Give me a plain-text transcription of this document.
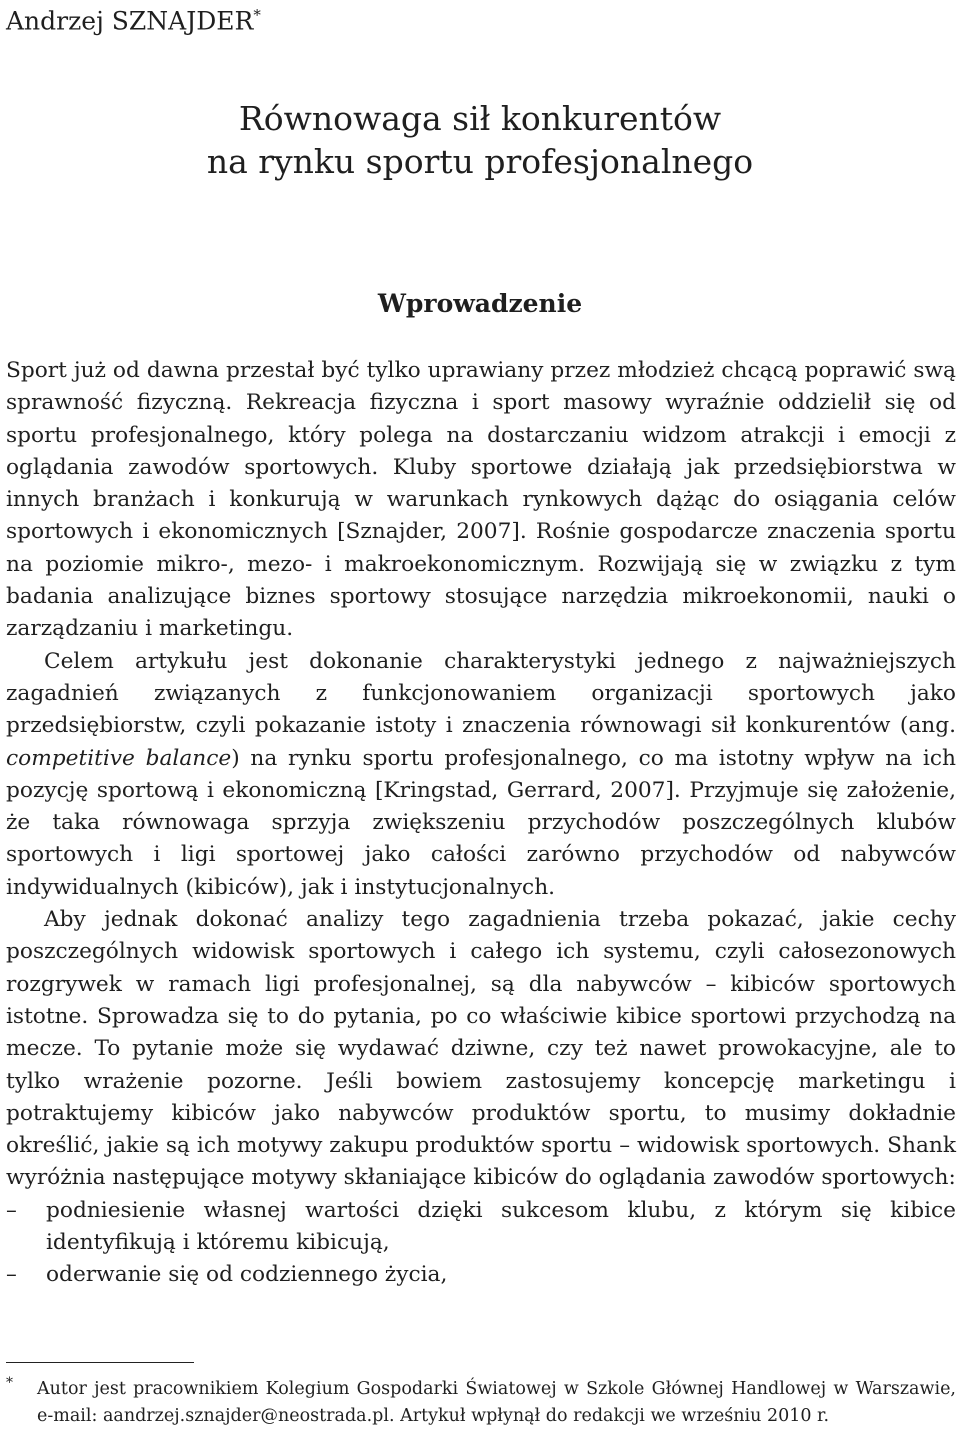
Andrzej SZNAJDER*
Równowaga sił konkurentów
na rynku sportu profesjonalnego
Wprowadzenie

Sport już od dawna przestał być tylko uprawiany przez młodzież chcącą poprawić swą sprawność fizyczną. Rekreacja fizyczna i sport masowy wyraźnie oddzielił się od sportu profesjonalnego, który polega na dostarczaniu widzom atrakcji i emocji z oglądania zawodów sportowych. Kluby sportowe działają jak przedsiębiorstwa w innych branżach i konkurują w warunkach rynkowych dążąc do osiągania celów sportowych i ekonomicznych [Sznajder, 2007]. Rośnie gospodarcze znaczenia sportu na poziomie mikro-, mezo- i makroekonomicznym. Rozwijają się w związku z tym badania analizujące biznes sportowy stosujące narzędzia mikroekonomii, nauki o zarządzaniu i marketingu.

Celem artykułu jest dokonanie charakterystyki jednego z najważniejszych zagadnień związanych z funkcjonowaniem organizacji sportowych jako przedsiębiorstw, czyli pokazanie istoty i znaczenia równowagi sił konkurentów (ang. competitive balance) na rynku sportu profesjonalnego, co ma istotny wpływ na ich pozycję sportową i ekonomiczną [Kringstad, Gerrard, 2007]. Przyjmuje się założenie, że taka równowaga sprzyja zwiększeniu przychodów poszczególnych klubów sportowych i ligi sportowej jako całości zarówno przychodów od nabywców indywidualnych (kibiców), jak i instytucjonalnych.

Aby jednak dokonać analizy tego zagadnienia trzeba pokazać, jakie cechy poszczególnych widowisk sportowych i całego ich systemu, czyli całosezonowych rozgrywek w ramach ligi profesjonalnej, są dla nabywców – kibiców sportowych istotne. Sprowadza się to do pytania, po co właściwie kibice sportowi przychodzą na mecze. To pytanie może się wydawać dziwne, czy też nawet prowokacyjne, ale to tylko wrażenie pozorne. Jeśli bowiem zastosujemy koncepcję marketingu i potraktujemy kibiców jako nabywców produktów sportu, to musimy dokładnie określić, jakie są ich motywy zakupu produktów sportu – widowisk sportowych. Shank wyróżnia następujące motywy skłaniające kibiców do oglądania zawodów sportowych:

– podniesienie własnej wartości dzięki sukcesom klubu, z którym się kibice identyfikują i któremu kibicują,
– oderwanie się od codziennego życia,
*	Autor jest pracownikiem Kolegium Gospodarki Światowej w Szkole Głównej Handlowej w Warszawie, e-mail: aandrzej.sznajder@neostrada.pl. Artykuł wpłynął do redakcji we wrześniu 2010 r.
